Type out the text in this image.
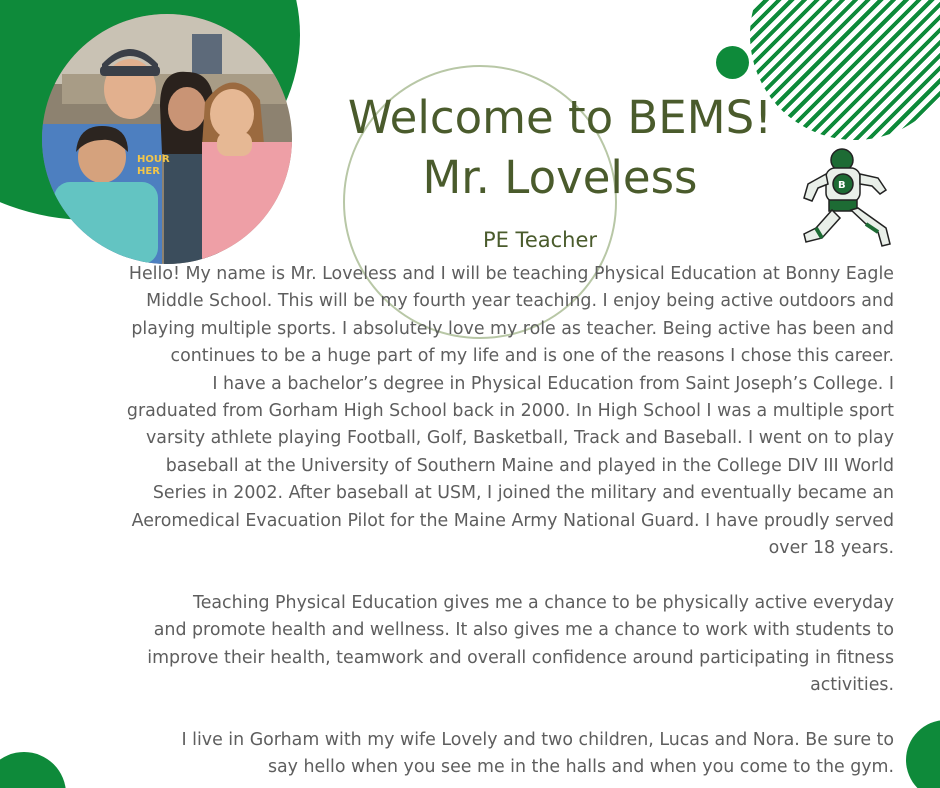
HOUR
HER
B
Welcome to BEMS!
Mr. Loveless
PE Teacher
Hello! My name is Mr. Loveless and I will be teaching Physical Education at Bonny Eagle
Middle School. This will be my fourth year teaching. I enjoy being active outdoors and
playing multiple sports. I absolutely love my role as teacher. Being active has been and
continues to be a huge part of my life and is one of the reasons I chose this career.
I have a bachelor’s degree in Physical Education from Saint Joseph’s College. I
graduated from Gorham High School back in 2000. In High School I was a multiple sport
varsity athlete playing Football, Golf, Basketball, Track and Baseball. I went on to play
baseball at the University of Southern Maine and played in the College DIV III World
Series in 2002. After baseball at USM, I joined the military and eventually became an
Aeromedical Evacuation Pilot for the Maine Army National Guard. I have proudly served
over 18 years.
Teaching Physical Education gives me a chance to be physically active everyday
and promote health and wellness. It also gives me a chance to work with students to
improve their health, teamwork and overall confidence around participating in fitness
activities.
I live in Gorham with my wife Lovely and two children, Lucas and Nora. Be sure to
say hello when you see me in the halls and when you come to the gym.
